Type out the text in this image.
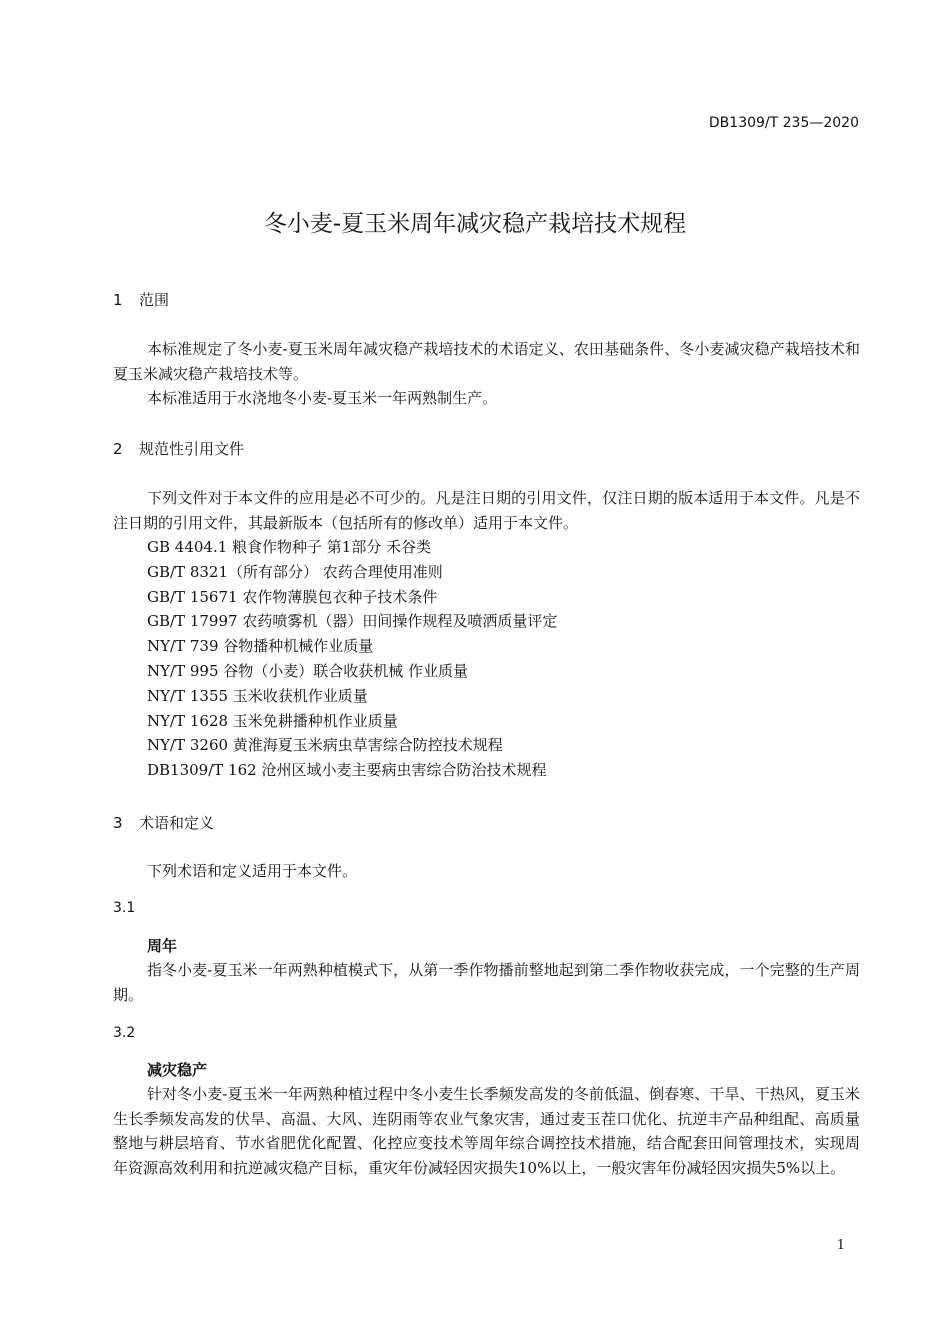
DB1309/T 235—2020
冬小麦-夏玉米周年减灾稳产栽培技术规程
1 范围

本标准规定了冬小麦-夏玉米周年减灾稳产栽培技术的术语定义、农田基础条件、冬小麦减灾稳产栽培技术和夏玉米减灾稳产栽培技术等。

本标准适用于水浇地冬小麦-夏玉米一年两熟制生产。

2 规范性引用文件

下列文件对于本文件的应用是必不可少的。凡是注日期的引用文件，仅注日期的版本适用于本文件。凡是不注日期的引用文件，其最新版本（包括所有的修改单）适用于本文件。

GB 4404.1 粮食作物种子 第1部分 禾谷类
GB/T 8321（所有部分） 农药合理使用准则
GB/T 15671 农作物薄膜包衣种子技术条件
GB/T 17997 农药喷雾机（器）田间操作规程及喷洒质量评定
NY/T 739 谷物播种机械作业质量
NY/T 995 谷物（小麦）联合收获机械 作业质量
NY/T 1355 玉米收获机作业质量
NY/T 1628 玉米免耕播种机作业质量
NY/T 3260 黄淮海夏玉米病虫草害综合防控技术规程
DB1309/T 162 沧州区域小麦主要病虫害综合防治技术规程
3 术语和定义

下列术语和定义适用于本文件。

3.1
周年

指冬小麦-夏玉米一年两熟种植模式下，从第一季作物播前整地起到第二季作物收获完成，一个完整的生产周期。

3.2
减灾稳产

针对冬小麦-夏玉米一年两熟种植过程中冬小麦生长季频发高发的冬前低温、倒春寒、干旱、干热风，夏玉米生长季频发高发的伏旱、高温、大风、连阴雨等农业气象灾害，通过麦玉茬口优化、抗逆丰产品种组配、高质量整地与耕层培育、节水省肥优化配置、化控应变技术等周年综合调控技术措施，结合配套田间管理技术，实现周年资源高效利用和抗逆减灾稳产目标，重灾年份减轻因灾损失10%以上，一般灾害年份减轻因灾损失5%以上。

1
